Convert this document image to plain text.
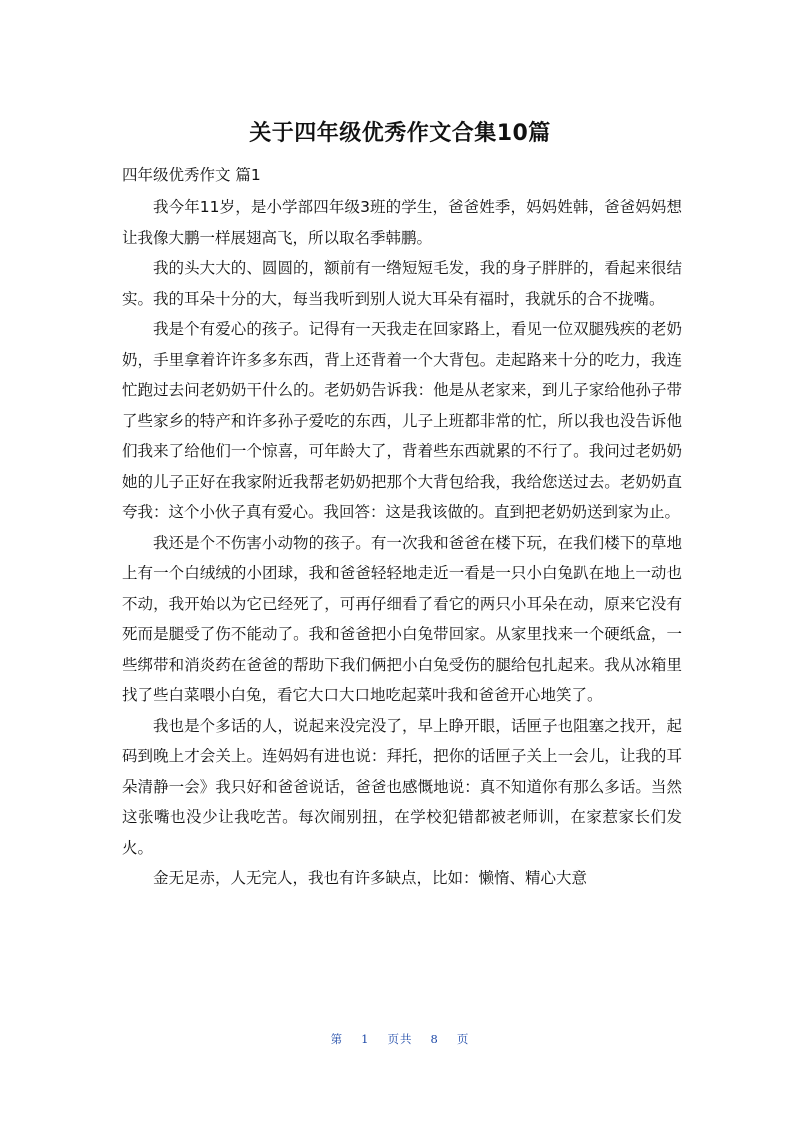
关于四年级优秀作文合集10篇
四年级优秀作文 篇1

我今年11岁，是小学部四年级3班的学生，爸爸姓季，妈妈姓韩，爸爸妈妈想让我像大鹏一样展翅高飞，所以取名季韩鹏。

我的头大大的、圆圆的，额前有一绺短短毛发，我的身子胖胖的，看起来很结实。我的耳朵十分的大，每当我听到别人说大耳朵有福时，我就乐的合不拢嘴。

我是个有爱心的孩子。记得有一天我走在回家路上，看见一位双腿残疾的老奶奶，手里拿着许许多多东西，背上还背着一个大背包。走起路来十分的吃力，我连忙跑过去问老奶奶干什么的。老奶奶告诉我：他是从老家来，到儿子家给他孙子带了些家乡的特产和许多孙子爱吃的东西，儿子上班都非常的忙，所以我也没告诉他们我来了给他们一个惊喜，可年龄大了，背着些东西就累的不行了。我问过老奶奶她的儿子正好在我家附近我帮老奶奶把那个大背包给我，我给您送过去。老奶奶直夸我：这个小伙子真有爱心。我回答：这是我该做的。直到把老奶奶送到家为止。

我还是个不伤害小动物的孩子。有一次我和爸爸在楼下玩，在我们楼下的草地上有一个白绒绒的小团球，我和爸爸轻轻地走近一看是一只小白兔趴在地上一动也不动，我开始以为它已经死了，可再仔细看了看它的两只小耳朵在动，原来它没有死而是腿受了伤不能动了。我和爸爸把小白兔带回家。从家里找来一个硬纸盒，一些绑带和消炎药在爸爸的帮助下我们俩把小白兔受伤的腿给包扎起来。我从冰箱里找了些白菜喂小白兔，看它大口大口地吃起菜叶我和爸爸开心地笑了。

我也是个多话的人，说起来没完没了，早上睁开眼，话匣子也阻塞之找开，起码到晚上才会关上。连妈妈有进也说：拜托，把你的话匣子关上一会儿，让我的耳朵清静一会》我只好和爸爸说话，爸爸也感慨地说：真不知道你有那么多话。当然这张嘴也没少让我吃苦。每次闹别扭，在学校犯错都被老师训，在家惹家长们发火。

金无足赤，人无完人，我也有许多缺点，比如：懒惰、精心大意

第 1 页共 8 页
